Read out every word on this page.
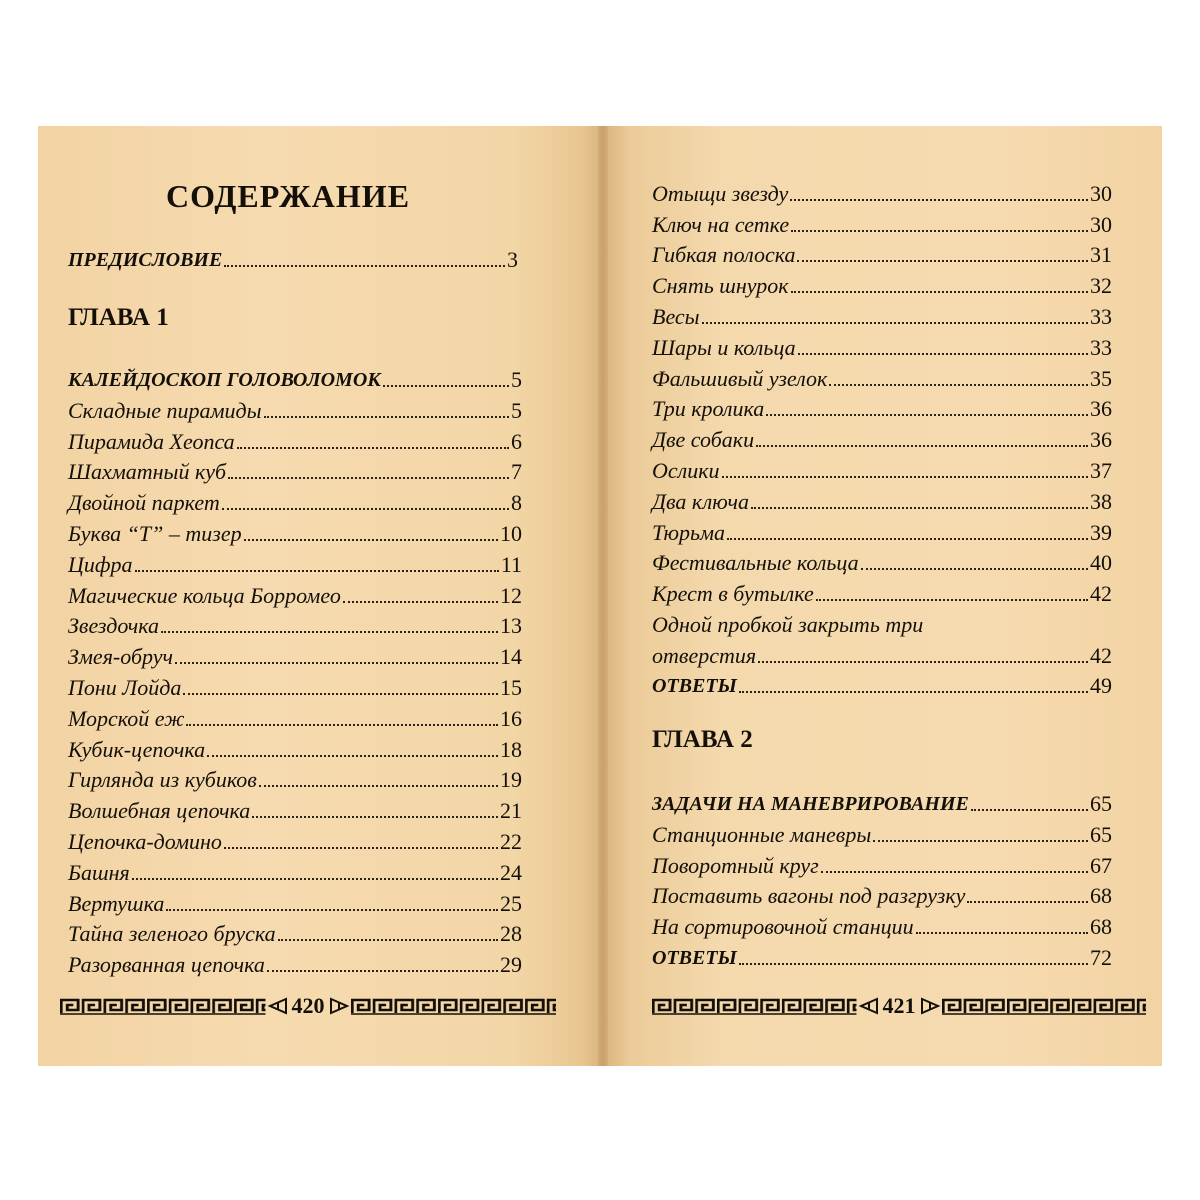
СОДЕРЖАНИЕ
ПРЕДИСЛОВИЕ	3
ГЛАВА 1
КАЛЕЙДОСКОП ГОЛОВОЛОМОК	5
Складные пирамиды	5
Пирамида Хеопса	6
Шахматный куб	7
Двойной паркет	8
Буква “Т” – тизер	10
Цифра	11
Магические кольца Борромео	12
Звездочка	13
Змея-обруч	14
Пони Лойда	15
Морской еж	16
Кубик-цепочка	18
Гирлянда из кубиков	19
Волшебная цепочка	21
Цепочка-домино	22
Башня	24
Вертушка	25
Тайна зеленого бруска	28
Разорванная цепочка	29
420
Отыщи звезду	30
Ключ на сетке	30
Гибкая полоска	31
Снять шнурок	32
Весы	33
Шары и кольца	33
Фальшивый узелок	35
Три кролика	36
Две собаки	36
Ослики	37
Два ключа	38
Тюрьма	39
Фестивальные кольца	40
Крест в бутылке	42
Одной пробкой закрыть три
отверстия	42
ОТВЕТЫ	49
ГЛАВА 2
ЗАДАЧИ НА МАНЕВРИРОВАНИЕ	65
Станционные маневры	65
Поворотный круг	67
Поставить вагоны под разгрузку	68
На сортировочной станции	68
ОТВЕТЫ	72
421
